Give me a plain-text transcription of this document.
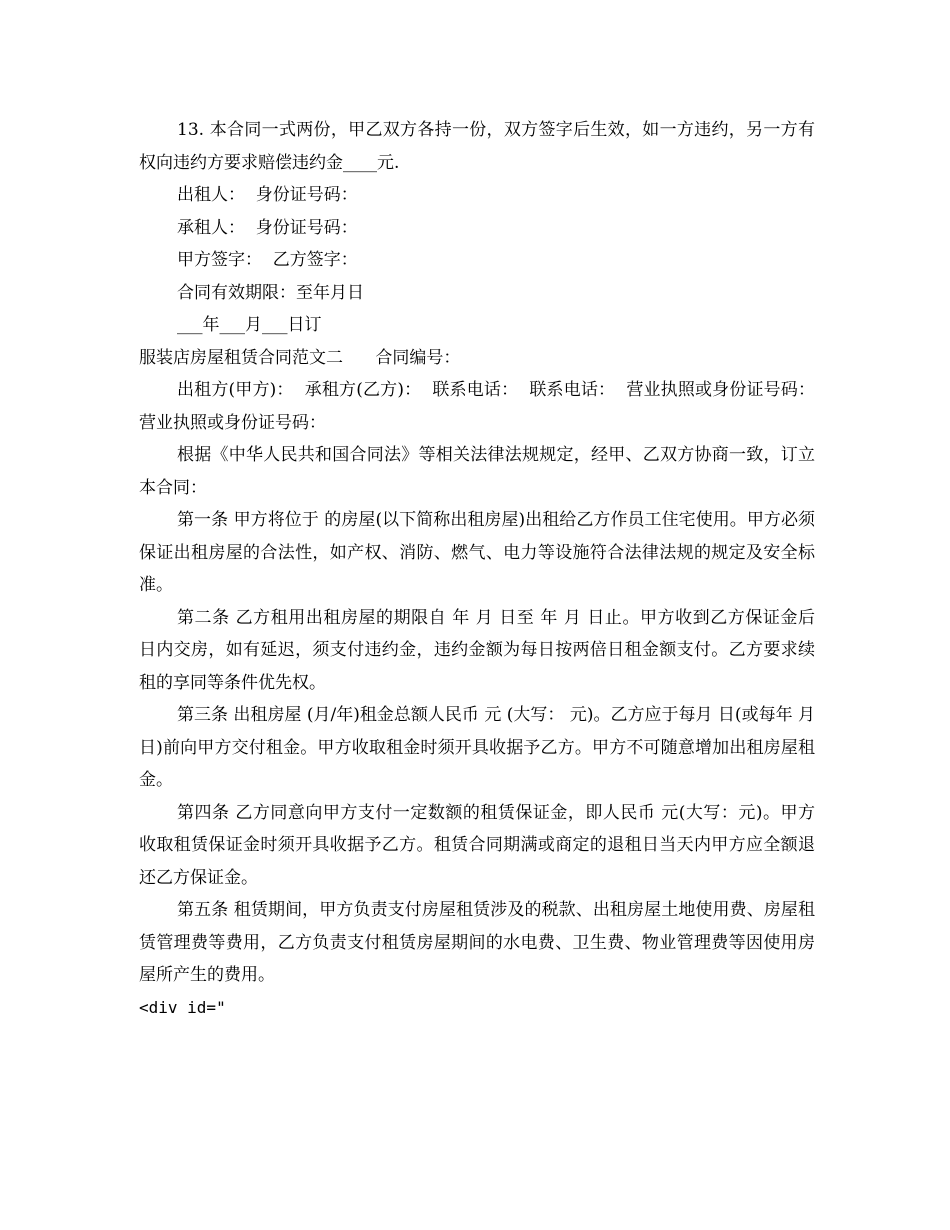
13. 本合同一式两份，甲乙双方各持一份，双方签字后生效，如一方违约，另一方有权向违约方要求赔偿违约金____元.

出租人：  身份证号码：

承租人：  身份证号码：

甲方签字：  乙方签字：

合同有效期限：至年月日

___年___月___日订

服装店房屋租赁合同范文二      合同编号：

出租方(甲方)：  承租方(乙方)：  联系电话：  联系电话：  营业执照或身份证号码：  营业执照或身份证号码：

根据《中华人民共和国合同法》等相关法律法规规定，经甲、乙双方协商一致，订立本合同：

第一条 甲方将位于 的房屋(以下简称出租房屋)出租给乙方作员工住宅使用。甲方必须保证出租房屋的合法性，如产权、消防、燃气、电力等设施符合法律法规的规定及安全标准。

第二条 乙方租用出租房屋的期限自 年 月 日至 年 月 日止。甲方收到乙方保证金后 日内交房，如有延迟，须支付违约金，违约金额为每日按两倍日租金额支付。乙方要求续租的享同等条件优先权。

第三条 出租房屋 (月/年)租金总额人民币 元 (大写： 元)。乙方应于每月 日(或每年 月 日)前向甲方交付租金。甲方收取租金时须开具收据予乙方。甲方不可随意增加出租房屋租金。

第四条 乙方同意向甲方支付一定数额的租赁保证金，即人民币 元(大写：元)。甲方 收取租赁保证金时须开具收据予乙方。租赁合同期满或商定的退租日当天内甲方应全额退还乙方保证金。

第五条 租赁期间，甲方负责支付房屋租赁涉及的税款、出租房屋土地使用费、房屋租赁管理费等费用，乙方负责支付租赁房屋期间的水电费、卫生费、物业管理费等因使用房屋所产生的费用。

<div id="
